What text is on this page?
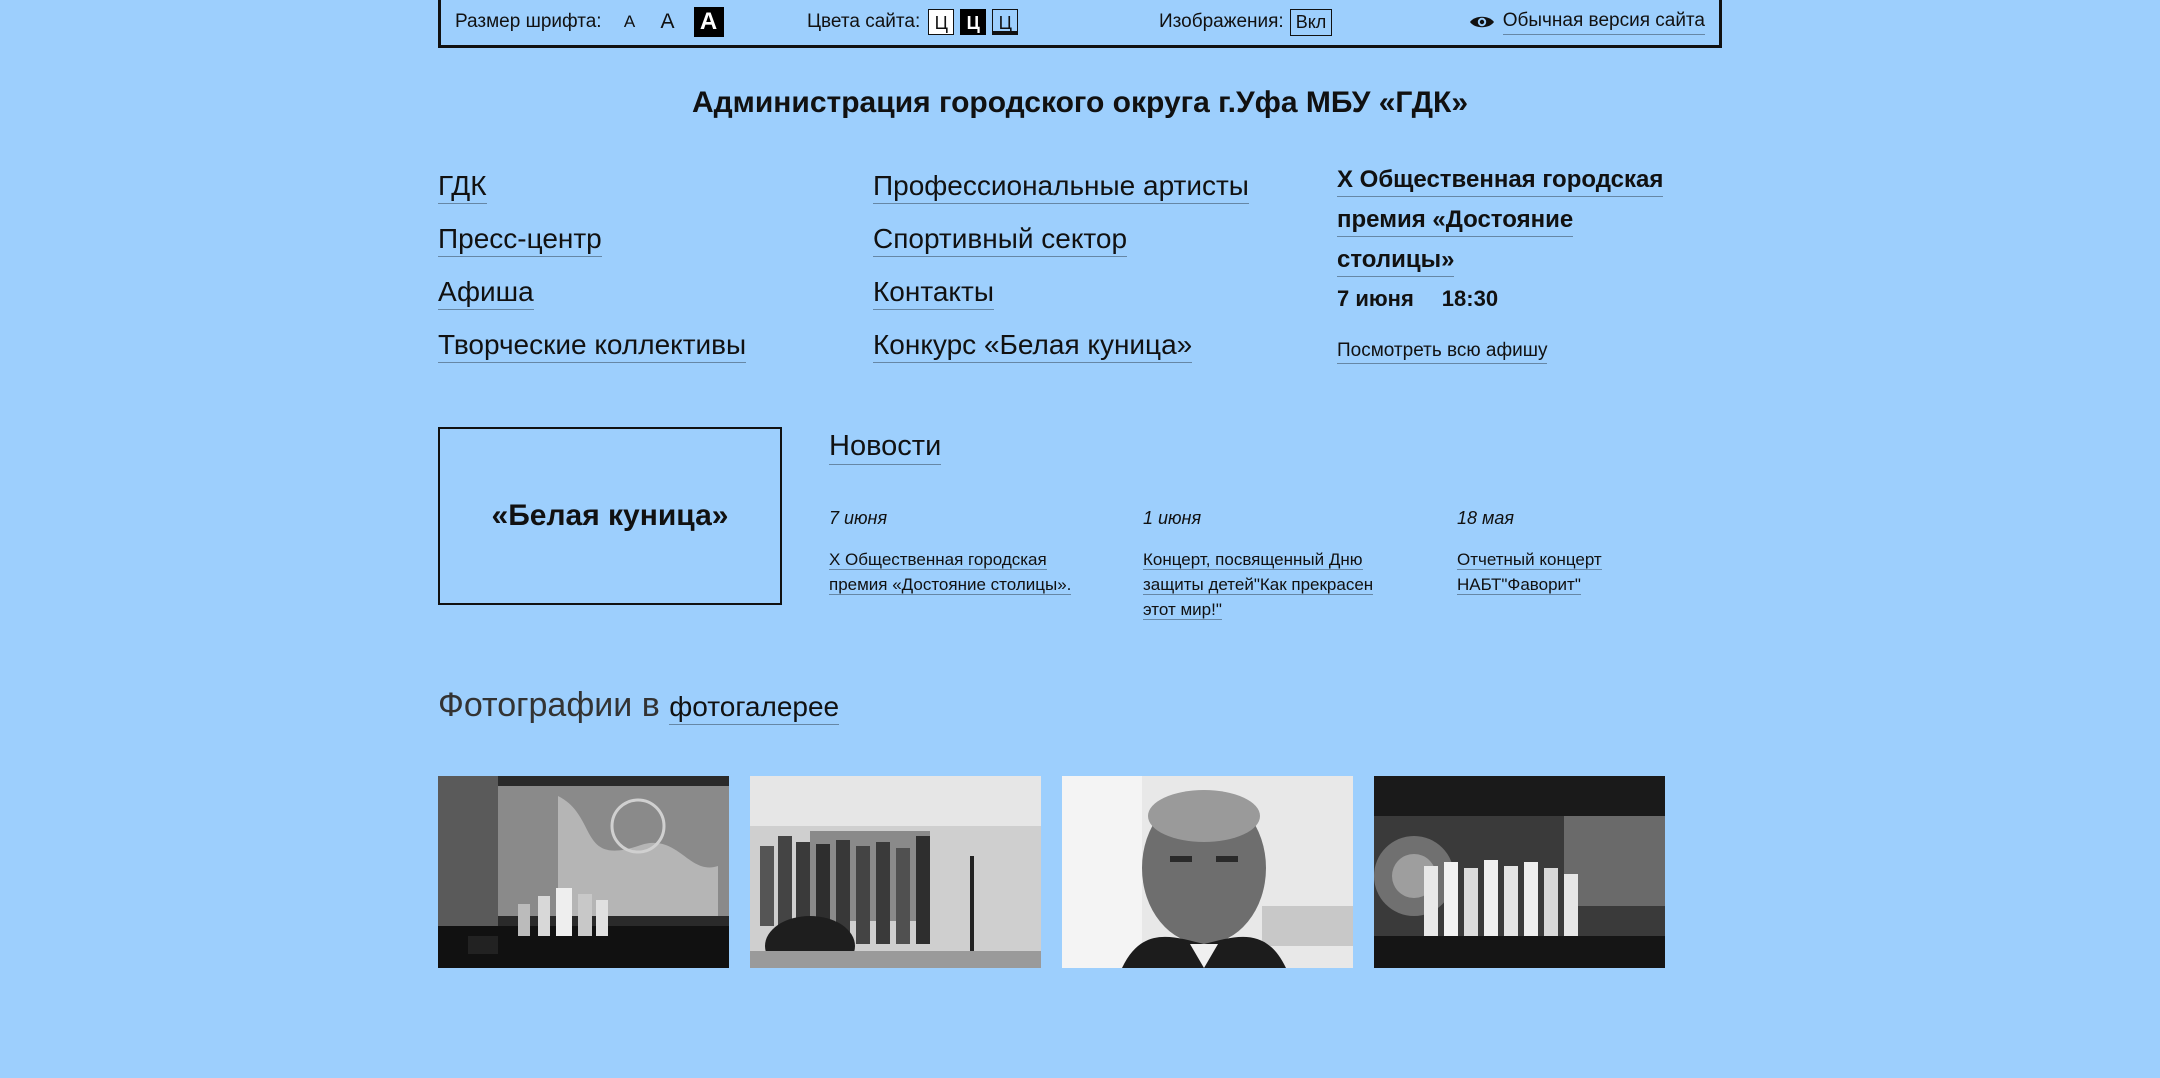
Размер шрифта: А А А	Цвета сайта: Ц	Ц	Ц	Изображения: Вкл	Обычная версия сайта
Администрация городского округа г.Уфа МБУ «ГДК»
ГДК
Пресс-центр
Афиша
Творческие коллективы
Профессиональные артисты
Спортивный сектор
Контакты
Конкурс «Белая куница»
X Общественная городская
премия «Достояние
столицы»
7 июня 18:30
Посмотреть всю афишу
«Белая куница»
Новости
7 июня
X Общественная городская премия «Достояние столицы».
1 июня
Концерт, посвященный Дню защиты детей"Как прекрасен этот мир!"
18 мая
Отчетный концерт НАБТ"Фаворит"
Фотографии в фотогалерее
